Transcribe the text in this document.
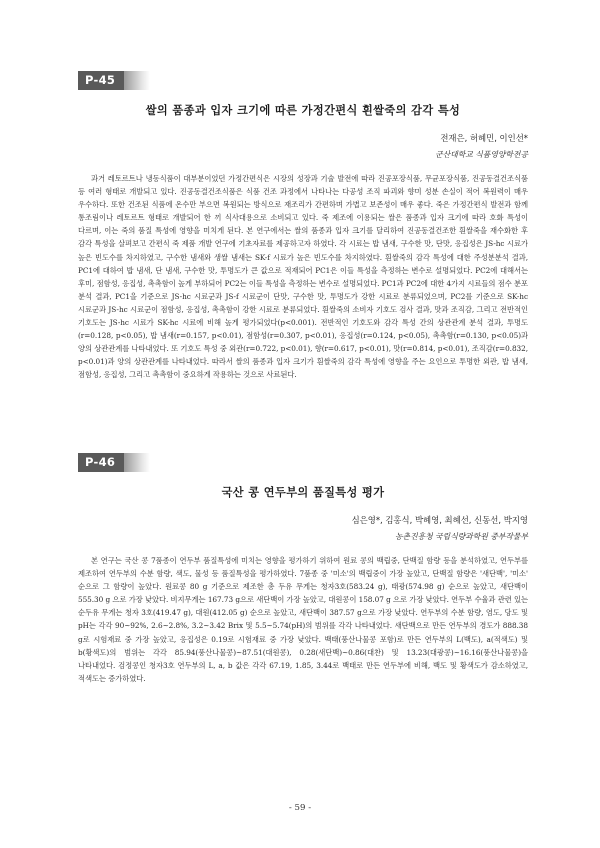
P-45
쌀의 품종과 입자 크기에 따른 가정간편식 흰쌀죽의 감각 특성
전재은, 허혜민, 이인선*
군산대학교 식품영양학전공

과거 레토르트나 냉동식품이 대부분이었던 가정간편식은 시장의 성장과 기술 발전에 따라 진공포장식품, 무균포장식품, 진공동결건조식품 등 여러 형태로 개발되고 있다. 진공동결건조식품은 식품 건조 과정에서 나타나는 다공성 조직 파괴와 향미 성분 손실이 적어 복원력이 매우 우수하다. 또한 건조된 식품에 온수만 부으면 복원되는 방식으로 재조리가 간편하며 가볍고 보존성이 매우 좋다. 죽은 가정간편식 발전과 함께 통조림이나 레토르트 형태로 개발되어 한 끼 식사대용으로 소비되고 있다. 죽 제조에 이용되는 쌀은 품종과 입자 크기에 따라 호화 특성이 다르며, 이는 죽의 품질 특성에 영향을 미치게 된다. 본 연구에서는 쌀의 품종과 입자 크기를 달리하여 진공동결건조한 흰쌀죽을 재수화한 후 감각 특성을 살펴보고 간편식 죽 제품 개발 연구에 기초자료를 제공하고자 하였다. 각 시료는 밥 냄새, 구수한 맛, 단맛, 응집성은 JS-hc 시료가 높은 빈도수를 차지하였고, 구수한 냄새와 생쌀 냄새는 SK-f 시료가 높은 빈도수를 차지하였다. 흰쌀죽의 감각 특성에 대한 주성분분석 결과, PC1에 대하여 밥 냄새, 단 냄새, 구수한 맛, 투명도가 큰 값으로 적재되어 PC1은 이들 특성을 측정하는 변수로 설명되었다. PC2에 대해서는 후미, 점함성, 응집성, 촉촉함이 높게 부하되어 PC2는 이들 특성을 측정하는 변수로 설명되었다. PC1과 PC2에 대한 4가지 시료들의 점수 분포 분석 결과, PC1을 기준으로 JS-hc 시료군과 JS-f 시료군이 단맛, 구수한 맛, 투명도가 강한 시료로 분류되었으며, PC2를 기준으로 SK-hc 시료군과 JS-hc 시료군이 점함성, 응집성, 촉촉함이 강한 시료로 분류되었다. 흰쌀죽의 소비자 기호도 검사 결과, 맛과 조직감, 그리고 전반적인 기호도는 JS-hc 시료가 SK-hc 시료에 비해 높게 평가되었다(p<0.001). 전반적인 기호도와 감각 특성 간의 상관관계 분석 결과, 투명도(r=0.128, p<0.05), 밥 냄새(r=0.157, p<0.01), 점함성(r=0.307, p<0.01), 응집성(r=0.124, p<0.05), 촉촉함(r=0.130, p<0.05)과 양의 상관관계를 나타내었다. 또 기호도 특성 중 외관(r=0.722, p<0.01), 향(r=0.617, p<0.01), 맛(r=0.814, p<0.01), 조직감(r=0.832, p<0.01)과 양의 상관관계를 나타내었다. 따라서 쌀의 품종과 입자 크기가 흰쌀죽의 감각 특성에 영향을 주는 요인으로 투명한 외관, 밥 냄새, 점함성, 응집성, 그리고 촉촉함이 중요하게 작용하는 것으로 사료된다.

P-46
국산 콩 연두부의 품질특성 평가
심은영*, 김홍식, 박혜영, 최혜선, 신동선, 박지영
농촌진흥청 국립식량과학원 중부작물부

본 연구는 국산 콩 7품종이 연두부 품질특성에 미치는 영향을 평가하기 위하여 원료 콩의 백립중, 단백질 함량 등을 분석하였고, 연두부를 제조하여 연두부의 수분 함량, 색도, 물성 등 품질특성을 평가하였다. 7품종 중 '미소'의 백립중이 가장 높았고, 단백질 함량은 '새단백', '미소' 순으로 그 함량이 높았다. 원료콩 80 g 기준으로 제조한 총 두유 무게는 청자3호(583.24 g), 태광(574.98 g) 순으로 높았고, 새단백이 555.30 g 으로 가장 낮았다. 비지무게는 167.73 g으로 새단백이 가장 높았고, 대원콩이 158.07 g 으로 가장 낮았다. 연두부 수율과 관련 있는 순두유 무게는 청자 3호(419.47 g), 대원(412.05 g) 순으로 높았고, 새단백이 387.57 g으로 가장 낮았다. 연두부의 수분 함량, 염도, 당도 및 pH는 각각 90~92%, 2.6~2.8%, 3.2~3.42 Brix 및 5.5~5.74(pH)의 범위를 각각 나타내었다. 새단백으로 만든 연두부의 경도가 888.38 g로 시험재료 중 가장 높았고, 응집성은 0.19로 시험재료 중 가장 낮았다. 백태(풍산나물콩 포함)로 만든 연두부의 L(백도), a(적색도) 및 b(황색도)의 범위는 각각 85.94(풍산나물콩)~87.51(대원콩), 0.28(새단백)~0.86(대찬) 및 13.23(대광콩)~16.16(풍산나물콩)을 나타내었다. 검정콩인 청자3호 연두부의 L, a, b 값은 각각 67.19, 1.85, 3.44로 백태로 만든 연두부에 비해, 백도 및 황색도가 감소하였고, 적색도는 증가하였다.

- 59 -
